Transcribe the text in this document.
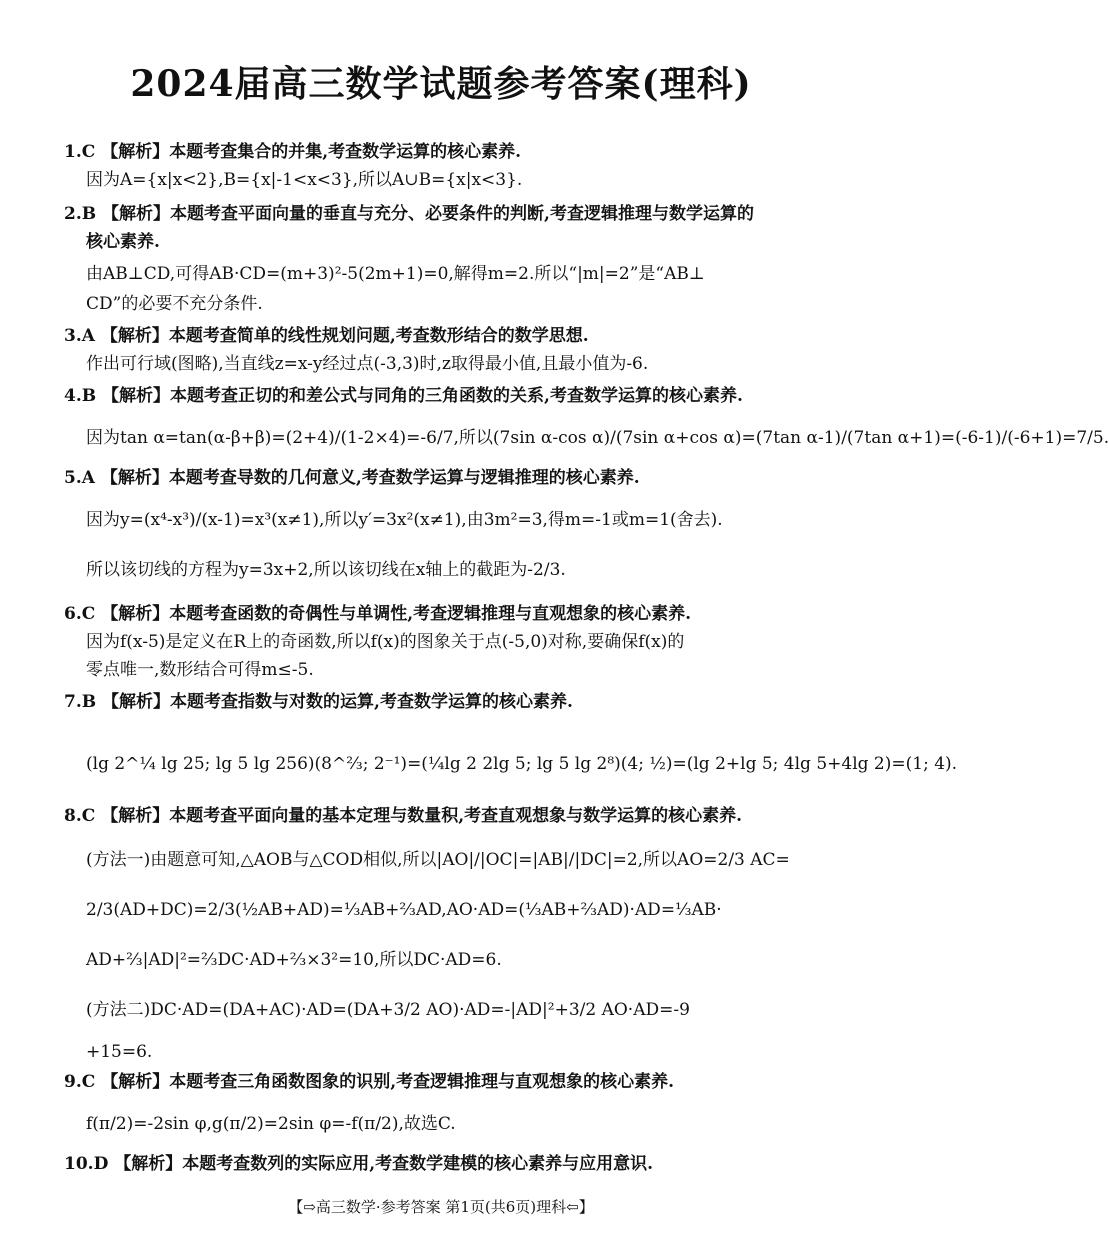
2024届高三数学试题参考答案(理科)
1.C 【解析】本题考查集合的并集,考查数学运算的核心素养.
因为A={x|x<2},B={x|-1<x<3},所以A∪B={x|x<3}.
2.B 【解析】本题考查平面向量的垂直与充分、必要条件的判断,考查逻辑推理与数学运算的
核心素养.
由AB⊥CD,可得AB·CD=(m+3)²-5(2m+1)=0,解得m=2.所以“|m|=2”是“AB⊥
CD”的必要不充分条件.
3.A 【解析】本题考查简单的线性规划问题,考查数形结合的数学思想.
作出可行域(图略),当直线z=x-y经过点(-3,3)时,z取得最小值,且最小值为-6.
4.B 【解析】本题考查正切的和差公式与同角的三角函数的关系,考查数学运算的核心素养.
因为tan α=tan(α-β+β)=(2+4)/(1-2×4)=-6/7,所以(7sin α-cos α)/(7sin α+cos α)=(7tan α-1)/(7tan α+1)=(-6-1)/(-6+1)=7/5.
5.A 【解析】本题考查导数的几何意义,考查数学运算与逻辑推理的核心素养.
因为y=(x⁴-x³)/(x-1)=x³(x≠1),所以y′=3x²(x≠1),由3m²=3,得m=-1或m=1(舍去).
所以该切线的方程为y=3x+2,所以该切线在x轴上的截距为-2/3.
6.C 【解析】本题考查函数的奇偶性与单调性,考查逻辑推理与直观想象的核心素养.
因为f(x-5)是定义在R上的奇函数,所以f(x)的图象关于点(-5,0)对称,要确保f(x)的
零点唯一,数形结合可得m≤-5.
7.B 【解析】本题考查指数与对数的运算,考查数学运算的核心素养.
(lg 2^¼ lg 25; lg 5 lg 256)(8^⅔; 2⁻¹)=(¼lg 2 2lg 5; lg 5 lg 2⁸)(4; ½)=(lg 2+lg 5; 4lg 5+4lg 2)=(1; 4).
8.C 【解析】本题考查平面向量的基本定理与数量积,考查直观想象与数学运算的核心素养.
(方法一)由题意可知,△AOB与△COD相似,所以|AO|/|OC|=|AB|/|DC|=2,所以AO=2/3 AC=
2/3(AD+DC)=2/3(½AB+AD)=⅓AB+⅔AD,AO·AD=(⅓AB+⅔AD)·AD=⅓AB·
AD+⅔|AD|²=⅔DC·AD+⅔×3²=10,所以DC·AD=6.
(方法二)DC·AD=(DA+AC)·AD=(DA+3/2 AO)·AD=-|AD|²+3/2 AO·AD=-9
+15=6.
9.C 【解析】本题考查三角函数图象的识别,考查逻辑推理与直观想象的核心素养.
f(π/2)=-2sin φ,g(π/2)=2sin φ=-f(π/2),故选C.
10.D 【解析】本题考查数列的实际应用,考查数学建模的核心素养与应用意识.
【⇨高三数学·参考答案 第1页(共6页)理科⇦】
